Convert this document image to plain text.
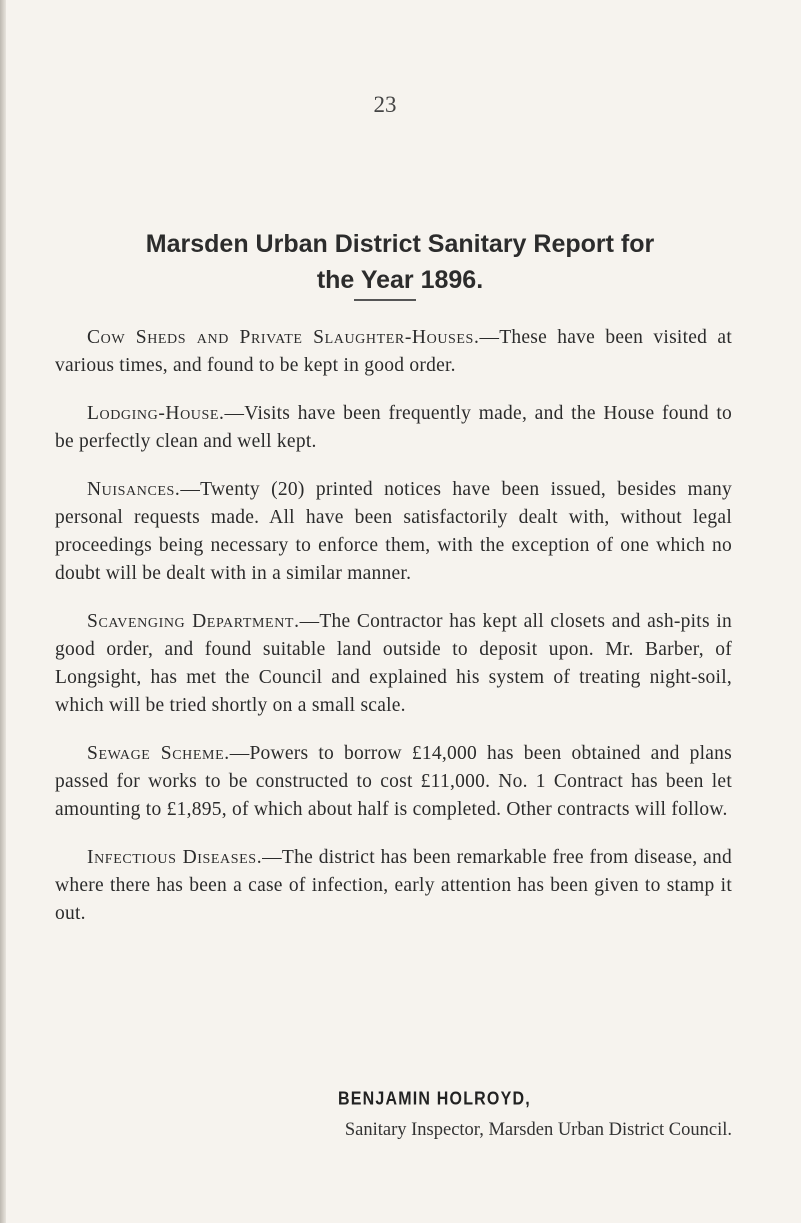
23
Marsden Urban District Sanitary Report for
the Year 1896.

Cow Sheds and Private Slaughter-Houses.—These have been visited at various times, and found to be kept in good order.

Lodging-House.—Visits have been frequently made, and the House found to be perfectly clean and well kept.

Nuisances.—Twenty (20) printed notices have been issued, besides many personal requests made. All have been satisfactorily dealt with, without legal proceedings being necessary to enforce them, with the exception of one which no doubt will be dealt with in a similar manner.

Scavenging Department.—The Contractor has kept all closets and ash-pits in good order, and found suitable land outside to deposit upon. Mr. Barber, of Longsight, has met the Council and explained his system of treating night-soil, which will be tried shortly on a small scale.

Sewage Scheme.—Powers to borrow £14,000 has been obtained and plans passed for works to be constructed to cost £11,000. No. 1 Contract has been let amounting to £1,895, of which about half is completed. Other contracts will follow.

Infectious Diseases.—The district has been remarkable free from disease, and where there has been a case of infection, early attention has been given to stamp it out.

BENJAMIN HOLROYD,
Sanitary Inspector, Marsden Urban District Council.
